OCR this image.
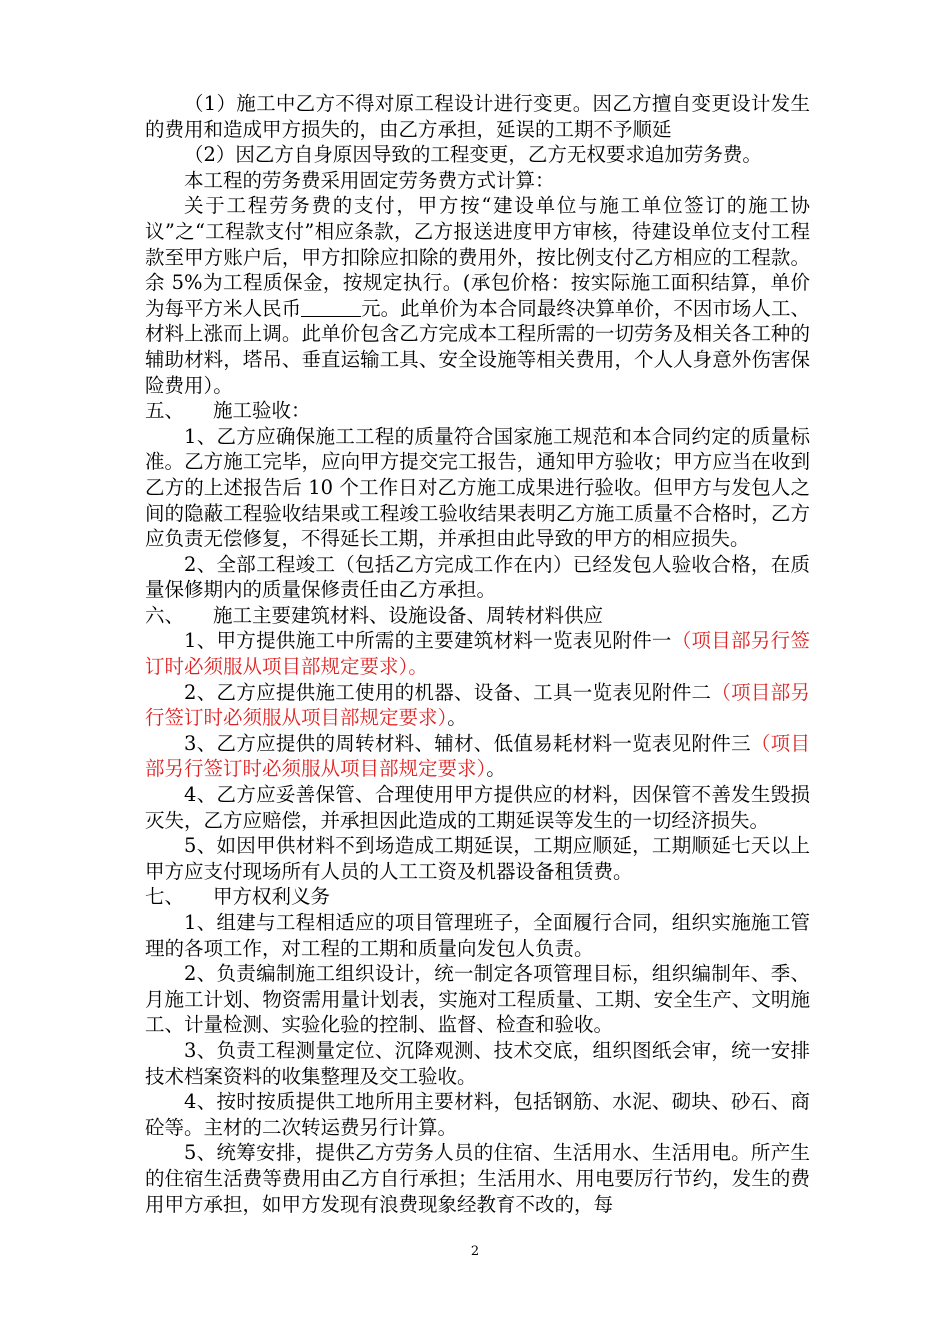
（1）施工中乙方不得对原工程设计进行变更。因乙方擅自变更设计发生的费用和造成甲方损失的，由乙方承担，延误的工期不予顺延

（2）因乙方自身原因导致的工程变更，乙方无权要求追加劳务费。

本工程的劳务费采用固定劳务费方式计算：

关于工程劳务费的支付，甲方按“建设单位与施工单位签订的施工协议”之“工程款支付”相应条款，乙方报送进度甲方审核，待建设单位支付工程款至甲方账户后，甲方扣除应扣除的费用外，按比例支付乙方相应的工程款。余 5%为工程质保金，按规定执行。(承包价格：按实际施工面积结算，单价为每平方米人民币	元。此单价为本合同最终决算单价，不因市场人工、材料上涨而上调。此单价包含乙方完成本工程所需的一切劳务及相关各工种的辅助材料，塔吊、垂直运输工具、安全设施等相关费用，个人人身意外伤害保险费用）。

五、	施工验收：

1、乙方应确保施工工程的质量符合国家施工规范和本合同约定的质量标准。乙方施工完毕，应向甲方提交完工报告，通知甲方验收；甲方应当在收到乙方的上述报告后 10 个工作日对乙方施工成果进行验收。但甲方与发包人之间的隐蔽工程验收结果或工程竣工验收结果表明乙方施工质量不合格时，乙方应负责无偿修复，不得延长工期，并承担由此导致的甲方的相应损失。

2、全部工程竣工（包括乙方完成工作在内）已经发包人验收合格，在质量保修期内的质量保修责任由乙方承担。

六、	施工主要建筑材料、设施设备、周转材料供应

1、甲方提供施工中所需的主要建筑材料一览表见附件一（项目部另行签订时必须服从项目部规定要求）。

2、乙方应提供施工使用的机器、设备、工具一览表见附件二（项目部另行签订时必须服从项目部规定要求）。

3、乙方应提供的周转材料、辅材、低值易耗材料一览表见附件三（项目部另行签订时必须服从项目部规定要求）。

4、乙方应妥善保管、合理使用甲方提供应的材料，因保管不善发生毁损灭失，乙方应赔偿，并承担因此造成的工期延误等发生的一切经济损失。

5、如因甲供材料不到场造成工期延误，工期应顺延，工期顺延七天以上甲方应支付现场所有人员的人工工资及机器设备租赁费。

七、	甲方权利义务

1、组建与工程相适应的项目管理班子，全面履行合同，组织实施施工管理的各项工作，对工程的工期和质量向发包人负责。

2、负责编制施工组织设计，统一制定各项管理目标，组织编制年、季、月施工计划、物资需用量计划表，实施对工程质量、工期、安全生产、文明施工、计量检测、实验化验的控制、监督、检查和验收。

3、负责工程测量定位、沉降观测、技术交底，组织图纸会审，统一安排技术档案资料的收集整理及交工验收。

4、按时按质提供工地所用主要材料，包括钢筋、水泥、砌块、砂石、商砼等。主材的二次转运费另行计算。

5、统筹安排，提供乙方劳务人员的住宿、生活用水、生活用电。所产生的住宿生活费等费用由乙方自行承担；生活用水、用电要厉行节约，发生的费用甲方承担，如甲方发现有浪费现象经教育不改的，每

2
